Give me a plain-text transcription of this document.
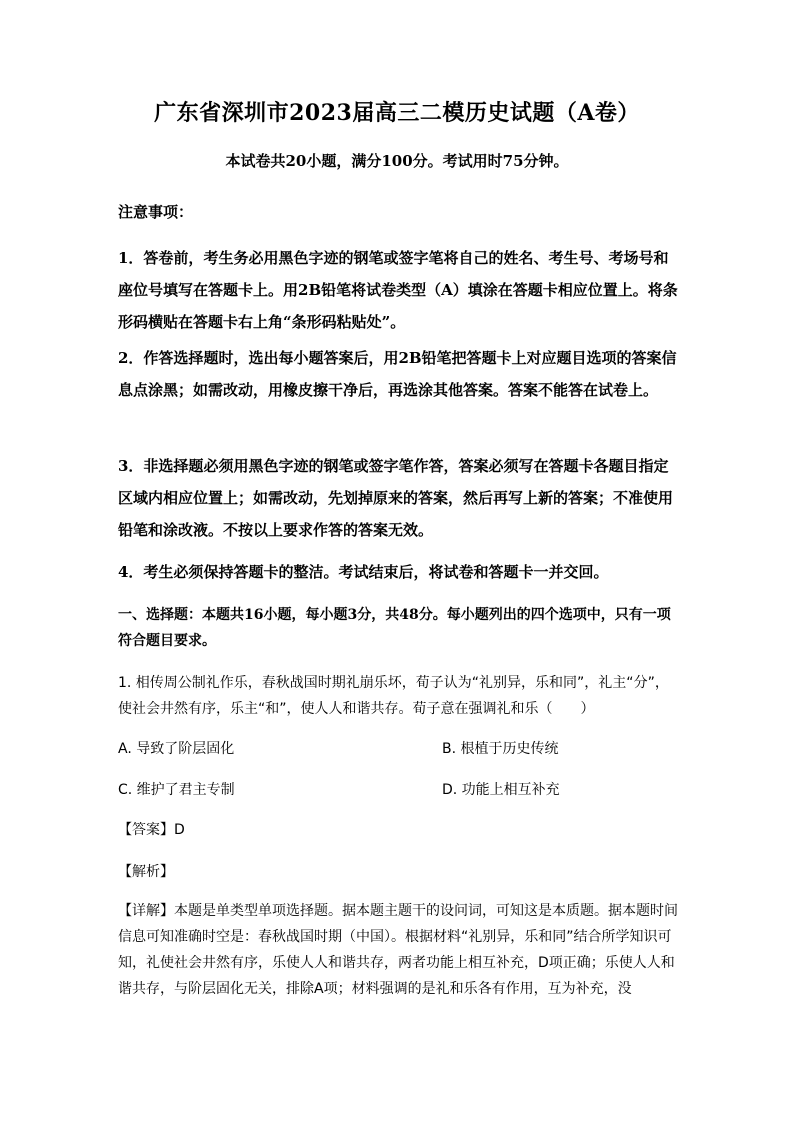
广东省深圳市2023届高三二模历史试题（A卷）
本试卷共20小题，满分100分。考试用时75分钟。
注意事项：
1．答卷前，考生务必用黑色字迹的钢笔或签字笔将自己的姓名、考生号、考场号和座位号填写在答题卡上。用2B铅笔将试卷类型（A）填涂在答题卡相应位置上。将条形码横贴在答题卡右上角“条形码粘贴处”。
2．作答选择题时，选出每小题答案后，用2B铅笔把答题卡上对应题目选项的答案信息点涂黑；如需改动，用橡皮擦干净后，再选涂其他答案。答案不能答在试卷上。
3．非选择题必须用黑色字迹的钢笔或签字笔作答，答案必须写在答题卡各题目指定区域内相应位置上；如需改动，先划掉原来的答案，然后再写上新的答案；不准使用铅笔和涂改液。不按以上要求作答的答案无效。
4．考生必须保持答题卡的整洁。考试结束后，将试卷和答题卡一并交回。
一、选择题：本题共16小题，每小题3分，共48分。每小题列出的四个选项中，只有一项符合题目要求。
1. 相传周公制礼作乐，春秋战国时期礼崩乐坏，荀子认为“礼别异，乐和同”，礼主“分”，使社会井然有序，乐主“和”，使人人和谐共存。荀子意在强调礼和乐（　　）
A. 导致了阶层固化	B. 根植于历史传统
C. 维护了君主专制	D. 功能上相互补充
【答案】D
【解析】
【详解】本题是单类型单项选择题。据本题主题干的设问词，可知这是本质题。据本题时间信息可知准确时空是：春秋战国时期（中国）。根据材料“礼别异，乐和同”结合所学知识可知，礼使社会井然有序，乐使人人和谐共存，两者功能上相互补充，D项正确；乐使人人和谐共存，与阶层固化无关，排除A项；材料强调的是礼和乐各有作用，互为补充，没
